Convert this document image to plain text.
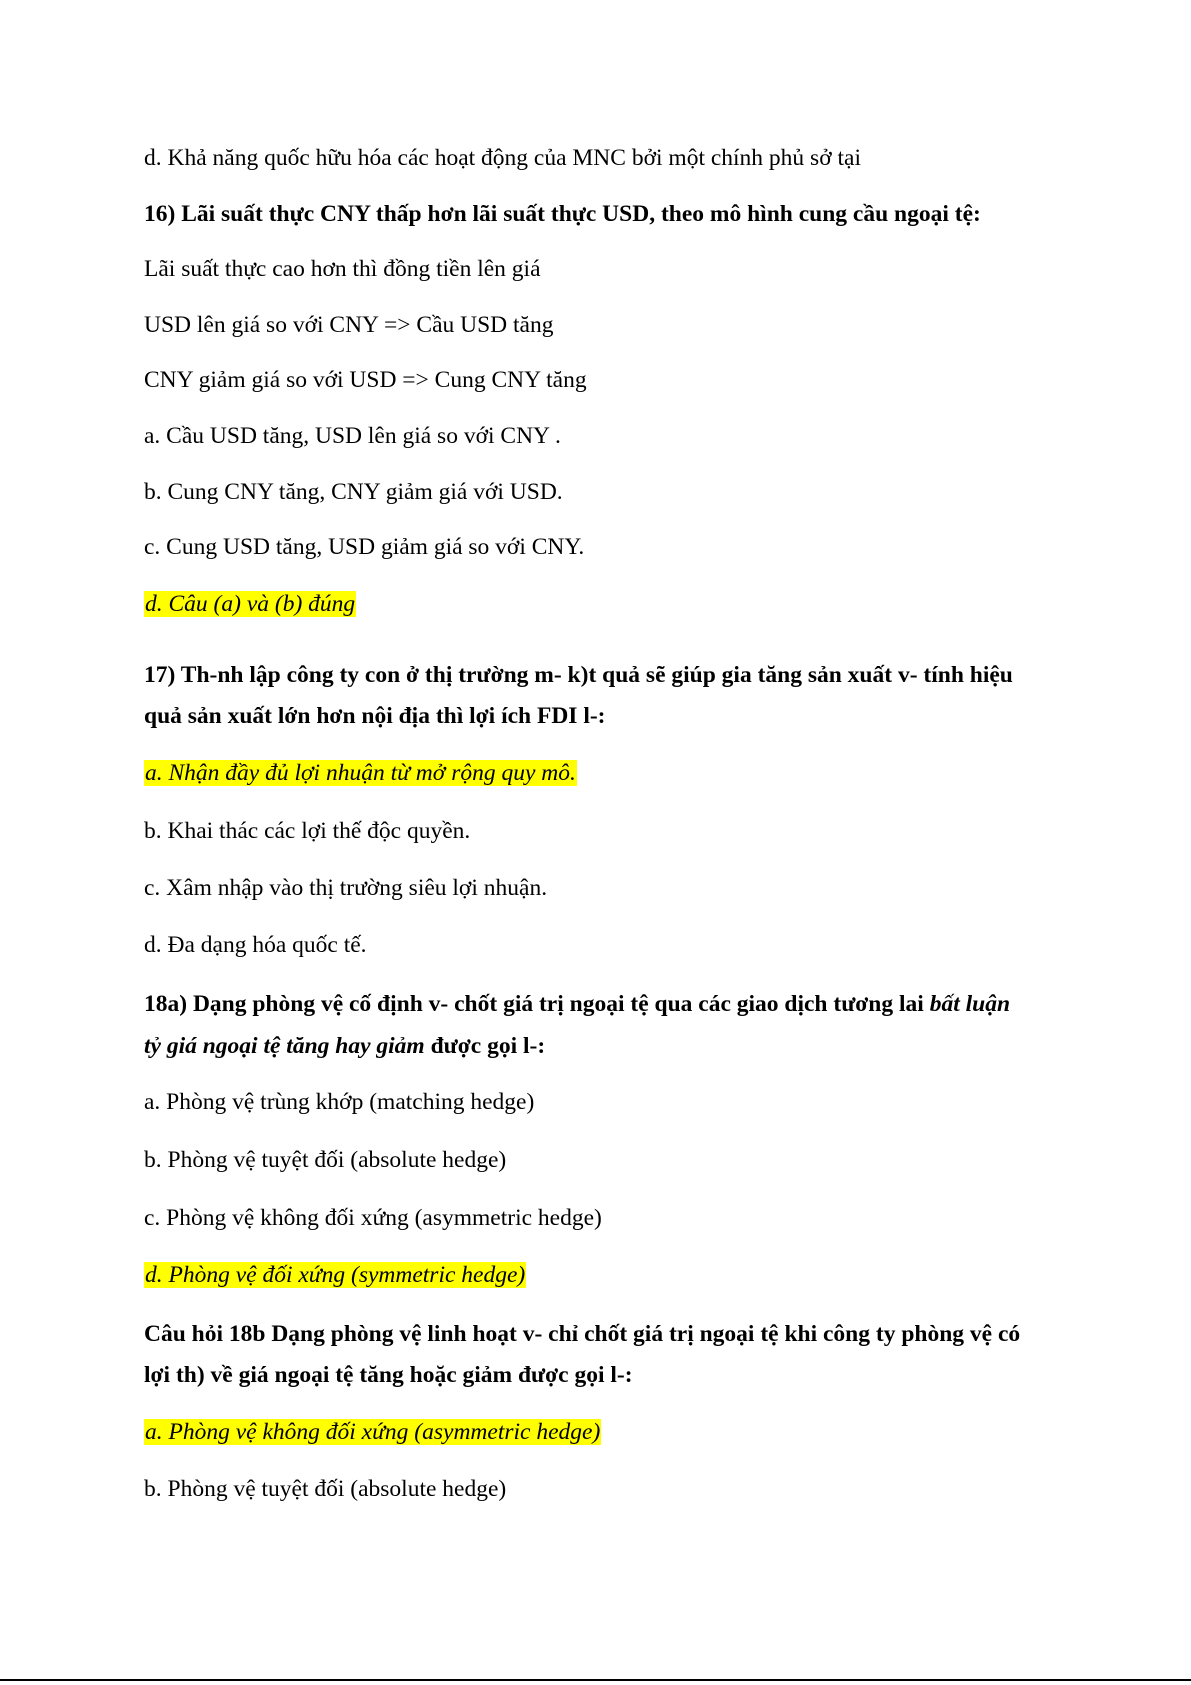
d. Khả năng quốc hữu hóa các hoạt động của MNC bởi một chính phủ sở tại
16) Lãi suất thực CNY thấp hơn lãi suất thực USD, theo mô hình cung cầu ngoại tệ:
Lãi suất thực cao hơn thì đồng tiền lên giá
USD lên giá so với CNY => Cầu USD tăng
CNY giảm giá so với USD => Cung CNY tăng
a. Cầu USD tăng, USD lên giá so với CNY .
b. Cung CNY tăng, CNY giảm giá với USD.
c. Cung USD tăng, USD giảm giá so với CNY.
d. Câu (a) và (b) đúng
17) Th-nh lập công ty con ở thị trường m- k)t quả sẽ giúp gia tăng sản xuất v- tính hiệu
quả sản xuất lớn hơn nội địa thì lợi ích FDI l-:
a. Nhận đầy đủ lợi nhuận từ mở rộng quy mô.
b. Khai thác các lợi thế độc quyền.
c. Xâm nhập vào thị trường siêu lợi nhuận.
d. Đa dạng hóa quốc tế.
18a) Dạng phòng vệ cố định v- chốt giá trị ngoại tệ qua các giao dịch tương lai bất luận
tỷ giá ngoại tệ tăng hay giảm được gọi l-:
a. Phòng vệ trùng khớp (matching hedge)
b. Phòng vệ tuyệt đối (absolute hedge)
c. Phòng vệ không đối xứng (asymmetric hedge)
d. Phòng vệ đối xứng (symmetric hedge)
Câu hỏi 18b Dạng phòng vệ linh hoạt v- chỉ chốt giá trị ngoại tệ khi công ty phòng vệ có
lợi th) về giá ngoại tệ tăng hoặc giảm được gọi l-:
a. Phòng vệ không đối xứng (asymmetric hedge)
b. Phòng vệ tuyệt đối (absolute hedge)
